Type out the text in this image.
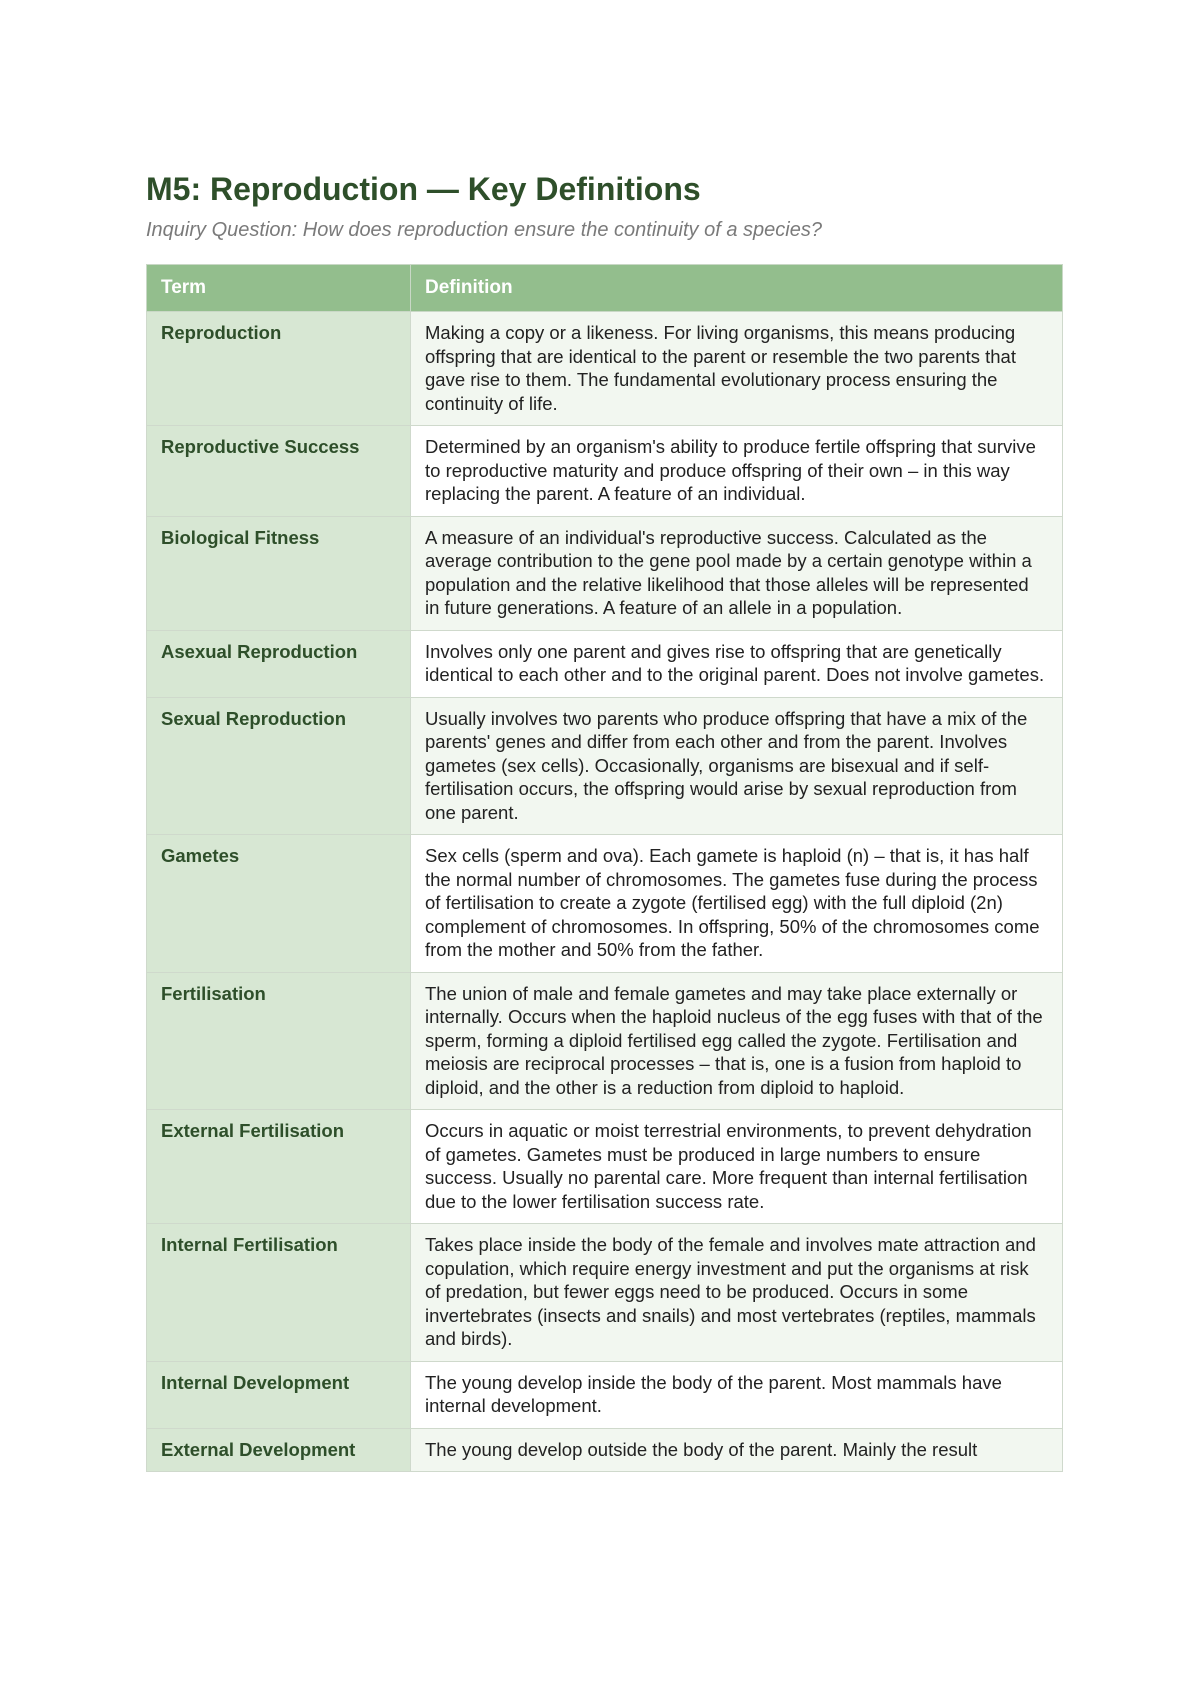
M5: Reproduction — Key Definitions
Inquiry Question: How does reproduction ensure the continuity of a species?
Term	Definition
Reproduction	Making a copy or a likeness. For living organisms, this means producing offspring that are identical to the parent or resemble the two parents that gave rise to them. The fundamental evolutionary process ensuring the continuity of life.
Reproductive Success	Determined by an organism's ability to produce fertile offspring that survive to reproductive maturity and produce offspring of their own – in this way replacing the parent. A feature of an individual.
Biological Fitness	A measure of an individual's reproductive success. Calculated as the average contribution to the gene pool made by a certain genotype within a population and the relative likelihood that those alleles will be represented in future generations. A feature of an allele in a population.
Asexual Reproduction	Involves only one parent and gives rise to offspring that are genetically identical to each other and to the original parent. Does not involve gametes.
Sexual Reproduction	Usually involves two parents who produce offspring that have a mix of the parents' genes and differ from each other and from the parent. Involves gametes (sex cells). Occasionally, organisms are bisexual and if self-fertilisation occurs, the offspring would arise by sexual reproduction from one parent.
Gametes	Sex cells (sperm and ova). Each gamete is haploid (n) – that is, it has half the normal number of chromosomes. The gametes fuse during the process of fertilisation to create a zygote (fertilised egg) with the full diploid (2n) complement of chromosomes. In offspring, 50% of the chromosomes come from the mother and 50% from the father.
Fertilisation	The union of male and female gametes and may take place externally or internally. Occurs when the haploid nucleus of the egg fuses with that of the sperm, forming a diploid fertilised egg called the zygote. Fertilisation and meiosis are reciprocal processes – that is, one is a fusion from haploid to diploid, and the other is a reduction from diploid to haploid.
External Fertilisation	Occurs in aquatic or moist terrestrial environments, to prevent dehydration of gametes. Gametes must be produced in large numbers to ensure success. Usually no parental care. More frequent than internal fertilisation due to the lower fertilisation success rate.
Internal Fertilisation	Takes place inside the body of the female and involves mate attraction and copulation, which require energy investment and put the organisms at risk of predation, but fewer eggs need to be produced. Occurs in some invertebrates (insects and snails) and most vertebrates (reptiles, mammals and birds).
Internal Development	The young develop inside the body of the parent. Most mammals have internal development.
External Development	The young develop outside the body of the parent. Mainly the result
